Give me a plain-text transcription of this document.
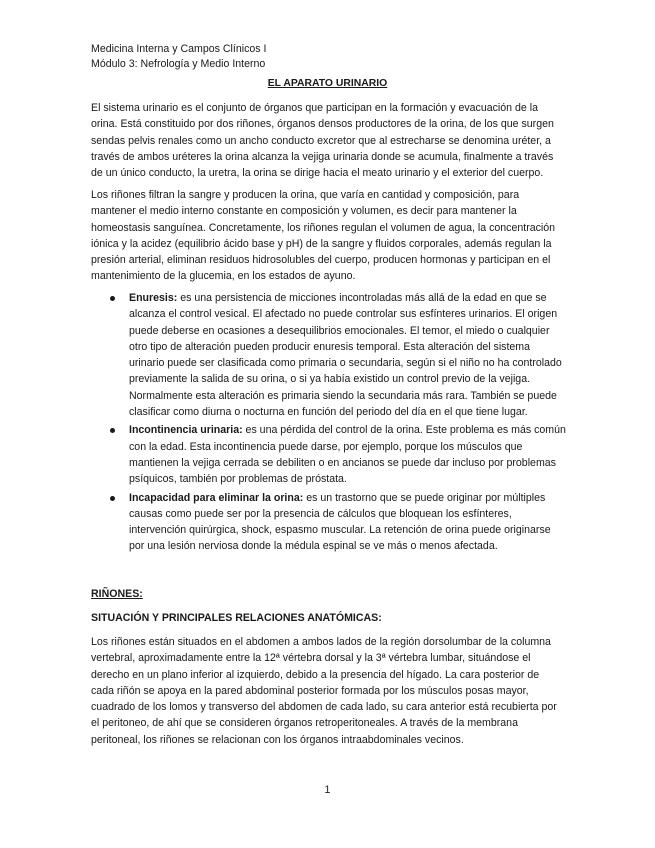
Medicina Interna y Campos Clínicos I
Módulo 3: Nefrología y Medio Interno
EL APARATO URINARIO

El sistema urinario es el conjunto de órganos que participan en la formación y evacuación de la orina. Está constituido por dos riñones, órganos densos productores de la orina, de los que surgen sendas pelvis renales como un ancho conducto excretor que al estrecharse se denomina uréter, a través de ambos uréteres la orina alcanza la vejiga urinaria donde se acumula, finalmente a través de un único conducto, la uretra, la orina se dirige hacia el meato urinario y el exterior del cuerpo.

Los riñones filtran la sangre y producen la orina, que varía en cantidad y composición, para mantener el medio interno constante en composición y volumen, es decir para mantener la homeostasis sanguínea. Concretamente, los riñones regulan el volumen de agua, la concentración iónica y la acidez (equilibrio ácido base y pH) de la sangre y fluidos corporales, además regulan la presión arterial, eliminan residuos hidrosolubles del cuerpo, producen hormonas y participan en el mantenimiento de la glucemia, en los estados de ayuno.

Enuresis: es una persistencia de micciones incontroladas más allá de la edad en que se alcanza el control vesical. El afectado no puede controlar sus esfínteres urinarios. El origen puede deberse en ocasiones a desequilibrios emocionales. El temor, el miedo o cualquier otro tipo de alteración pueden producir enuresis temporal. Esta alteración del sistema urinario puede ser clasificada como primaria o secundaria, según si el niño no ha controlado previamente la salida de su orina, o si ya había existido un control previo de la vejiga. Normalmente esta alteración es primaria siendo la secundaria más rara. También se puede clasificar como diurna o nocturna en función del periodo del día en el que tiene lugar.
Incontinencia urinaria: es una pérdida del control de la orina. Este problema es más común con la edad. Esta incontinencia puede darse, por ejemplo, porque los músculos que mantienen la vejiga cerrada se debiliten o en ancianos se puede dar incluso por problemas psíquicos, también por problemas de próstata.
Incapacidad para eliminar la orina: es un trastorno que se puede originar por múltiples causas como puede ser por la presencia de cálculos que bloquean los esfínteres, intervención quirúrgica, shock, espasmo muscular. La retención de orina puede originarse por una lesión nerviosa donde la médula espinal se ve más o menos afectada.
RIÑONES:
SITUACIÓN Y PRINCIPALES RELACIONES ANATÓMICAS:

Los riñones están situados en el abdomen a ambos lados de la región dorsolumbar de la columna vertebral, aproximadamente entre la 12ª vértebra dorsal y la 3ª vértebra lumbar, situándose el derecho en un plano inferior al izquierdo, debido a la presencia del hígado. La cara posterior de cada riñón se apoya en la pared abdominal posterior formada por los músculos posas mayor, cuadrado de los lomos y transverso del abdomen de cada lado, su cara anterior está recubierta por el peritoneo, de ahí que se consideren órganos retroperitoneales. A través de la membrana peritoneal, los riñones se relacionan con los órganos intraabdominales vecinos.

1
